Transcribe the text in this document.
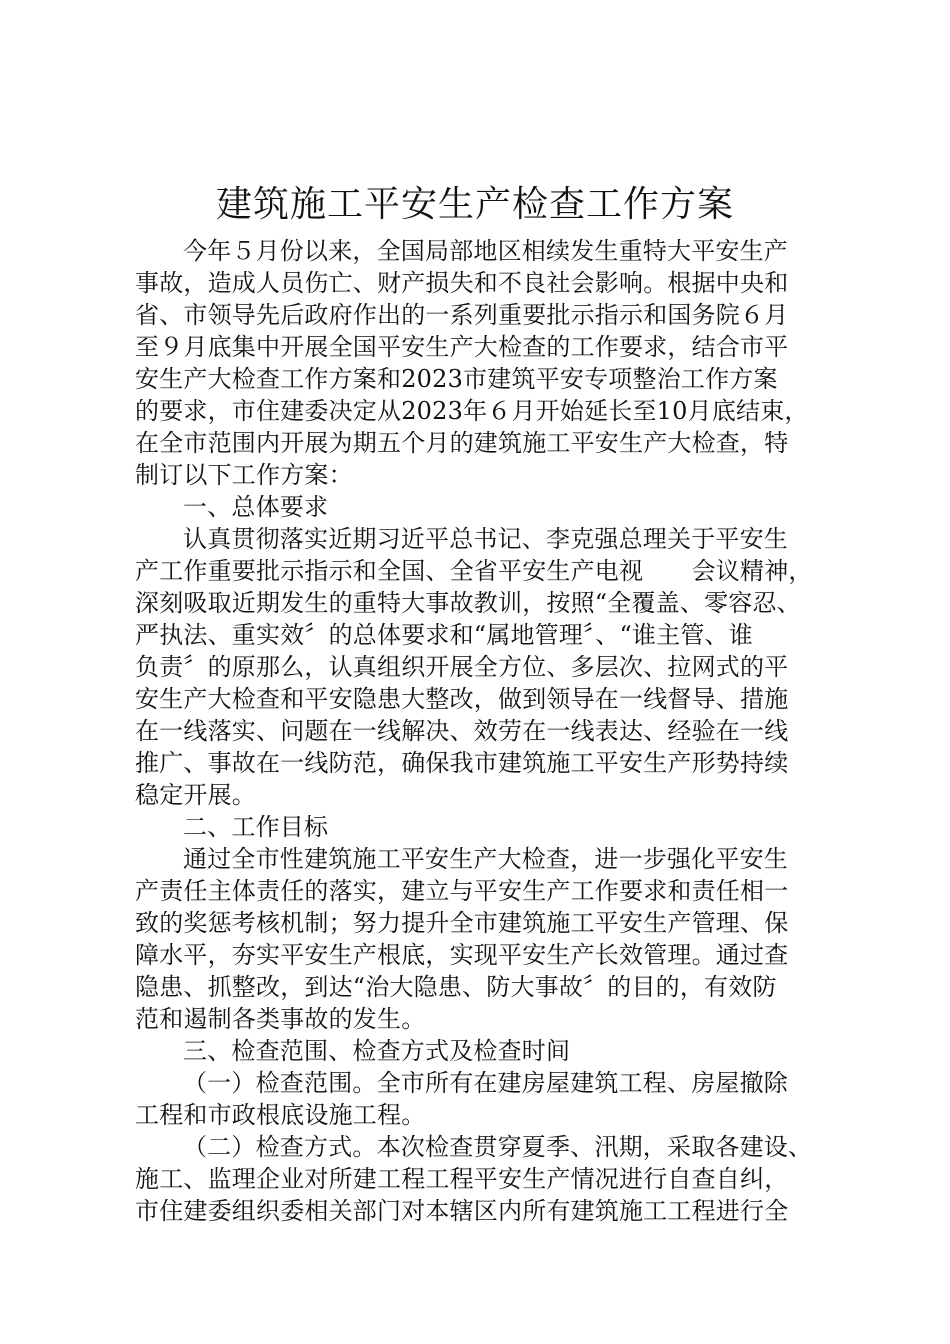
建筑施工平安生产检查工作方案
今年５月份以来，全国局部地区相续发生重特大平安生产
事故，造成人员伤亡、财产损失和不良社会影响。根据中央和
省、市领导先后政府作出的一系列重要批示指示和国务院６月
至９月底集中开展全国平安生产大检查的工作要求，结合市平
安生产大检查工作方案和2023市建筑平安专项整治工作方案
的要求，市住建委决定从2023年６月开始延长至10月底结束，
在全市范围内开展为期五个月的建筑施工平安生产大检查，特
制订以下工作方案：
一、总体要求
认真贯彻落实近期习近平总书记、李克强总理关于平安生
产工作重要批示指示和全国、全省平安生产电视　　会议精神，
深刻吸取近期发生的重特大事故教训，按照“全覆盖、零容忍、
严执法、重实效〞的总体要求和“属地管理〞、“谁主管、谁
负责〞的原那么，认真组织开展全方位、多层次、拉网式的平
安生产大检查和平安隐患大整改，做到领导在一线督导、措施
在一线落实、问题在一线解决、效劳在一线表达、经验在一线
推广、事故在一线防范，确保我市建筑施工平安生产形势持续
稳定开展。
二、工作目标
通过全市性建筑施工平安生产大检查，进一步强化平安生
产责任主体责任的落实，建立与平安生产工作要求和责任相一
致的奖惩考核机制；努力提升全市建筑施工平安生产管理、保
障水平，夯实平安生产根底，实现平安生产长效管理。通过查
隐患、抓整改，到达“治大隐患、防大事故〞的目的，有效防
范和遏制各类事故的发生。
三、检查范围、检查方式及检查时间
（一）检查范围。全市所有在建房屋建筑工程、房屋撤除
工程和市政根底设施工程。
（二）检查方式。本次检查贯穿夏季、汛期，采取各建设、
施工、监理企业对所建工程工程平安生产情况进行自查自纠，
市住建委组织委相关部门对本辖区内所有建筑施工工程进行全
